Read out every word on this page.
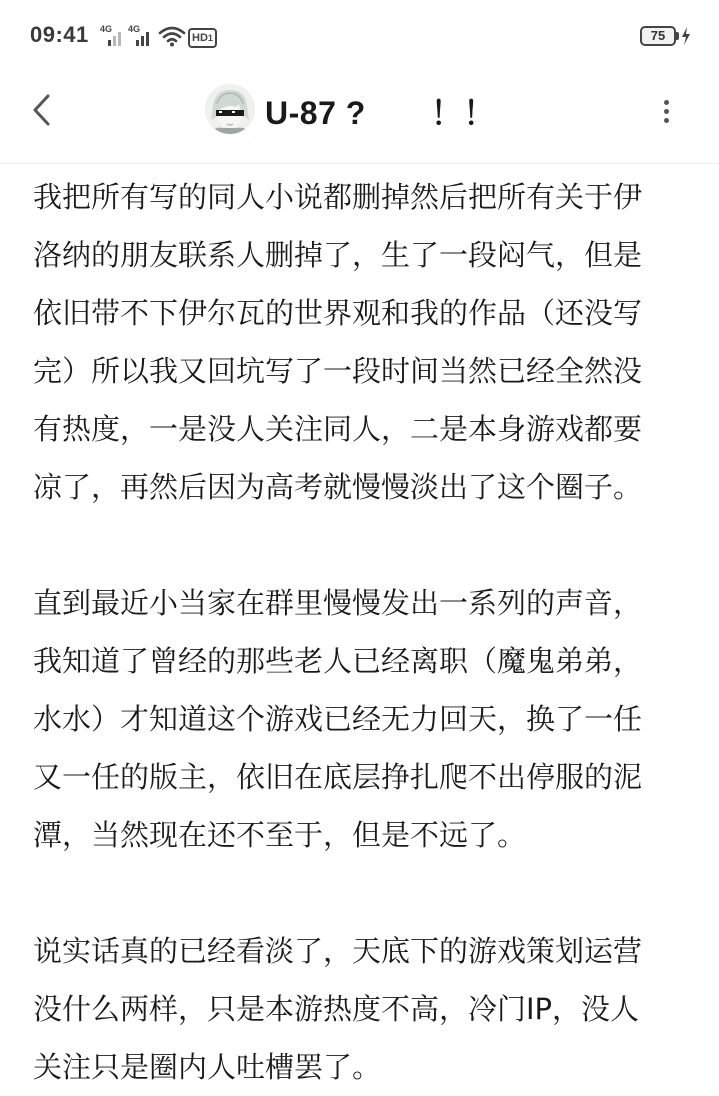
09:41 4G 4G
HD1	75
U-87 ?　　！！

我把所有写的同人小说都删掉然后把所有关于伊
洛纳的朋友联系人删掉了，生了一段闷气，但是
依旧带不下伊尔瓦的世界观和我的作品（还没写
完）所以我又回坑写了一段时间当然已经全然没
有热度，一是没人关注同人，二是本身游戏都要
凉了，再然后因为高考就慢慢淡出了这个圈子。

直到最近小当家在群里慢慢发出一系列的声音，
我知道了曾经的那些老人已经离职（魔鬼弟弟，
水水）才知道这个游戏已经无力回天，换了一任
又一任的版主，依旧在底层挣扎爬不出停服的泥
潭，当然现在还不至于，但是不远了。

说实话真的已经看淡了，天底下的游戏策划运营
没什么两样，只是本游热度不高，冷门IP，没人
关注只是圈内人吐槽罢了。
